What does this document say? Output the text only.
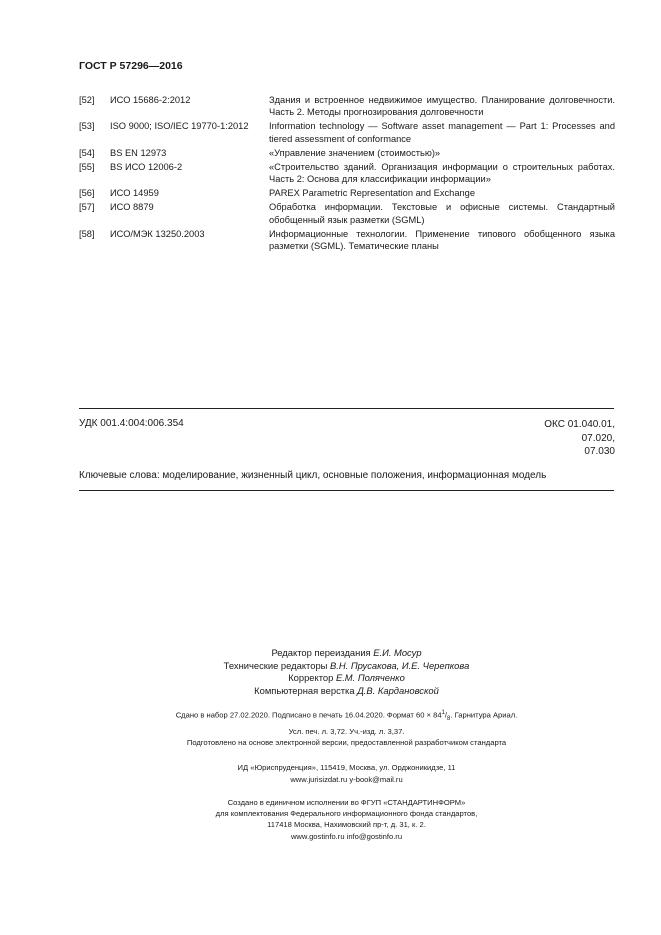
ГОСТ Р 57296—2016
[52]	ИСО 15686-2:2012	Здания и встроенное недвижимое имущество. Планирование долговечности. Часть 2. Методы прогнозирования долговечности
[53]	ISO 9000; ISO/IEC 19770-1:2012	Information technology — Software asset management — Part 1: Processes and tiered assessment of conformance
[54]	BS EN 12973	«Управление значением (стоимостью)»
[55]	BS ИСО 12006-2	«Строительство зданий. Организация информации о строительных работах. Часть 2: Основа для классификации информации»
[56]	ИСО 14959	PAREX Parametric Representation and Exchange
[57]	ИСО 8879	Обработка информации. Текстовые и офисные системы. Стандартный обобщенный язык разметки (SGML)
[58]	ИСО/МЭК 13250.2003	Информационные технологии. Применение типового обобщенного языка разметки (SGML). Тематические планы
УДК 001.4:004:006.354	ОКС 01.040.01,
07.020,
07.030
Ключевые слова: моделирование, жизненный цикл, основные положения, информационная модель
Редактор переиздания Е.И. Мосур
Технические редакторы В.Н. Прусакова, И.Е. Черепкова
Корректор Е.М. Поляченко
Компьютерная верстка Д.В. Кардановской
Сдано в набор 27.02.2020. Подписано в печать 16.04.2020. Формат $60 \times 84^1/_8$. Гарнитура Ариал.
Усл. печ. л. 3,72. Уч.-изд. л. 3,37.
Подготовлено на основе электронной версии, предоставленной разработчиком стандарта
ИД «Юриспруденция», 115419, Москва, ул. Орджоникидзе, 11
www.jurisizdat.ru y-book@mail.ru
Создано в единичном исполнении во ФГУП «СТАНДАРТИНФОРМ»
для комплектования Федерального информационного фонда стандартов,
117418 Москва, Нахимовский пр-т, д. 31, к. 2.
www.gostinfo.ru info@gostinfo.ru
